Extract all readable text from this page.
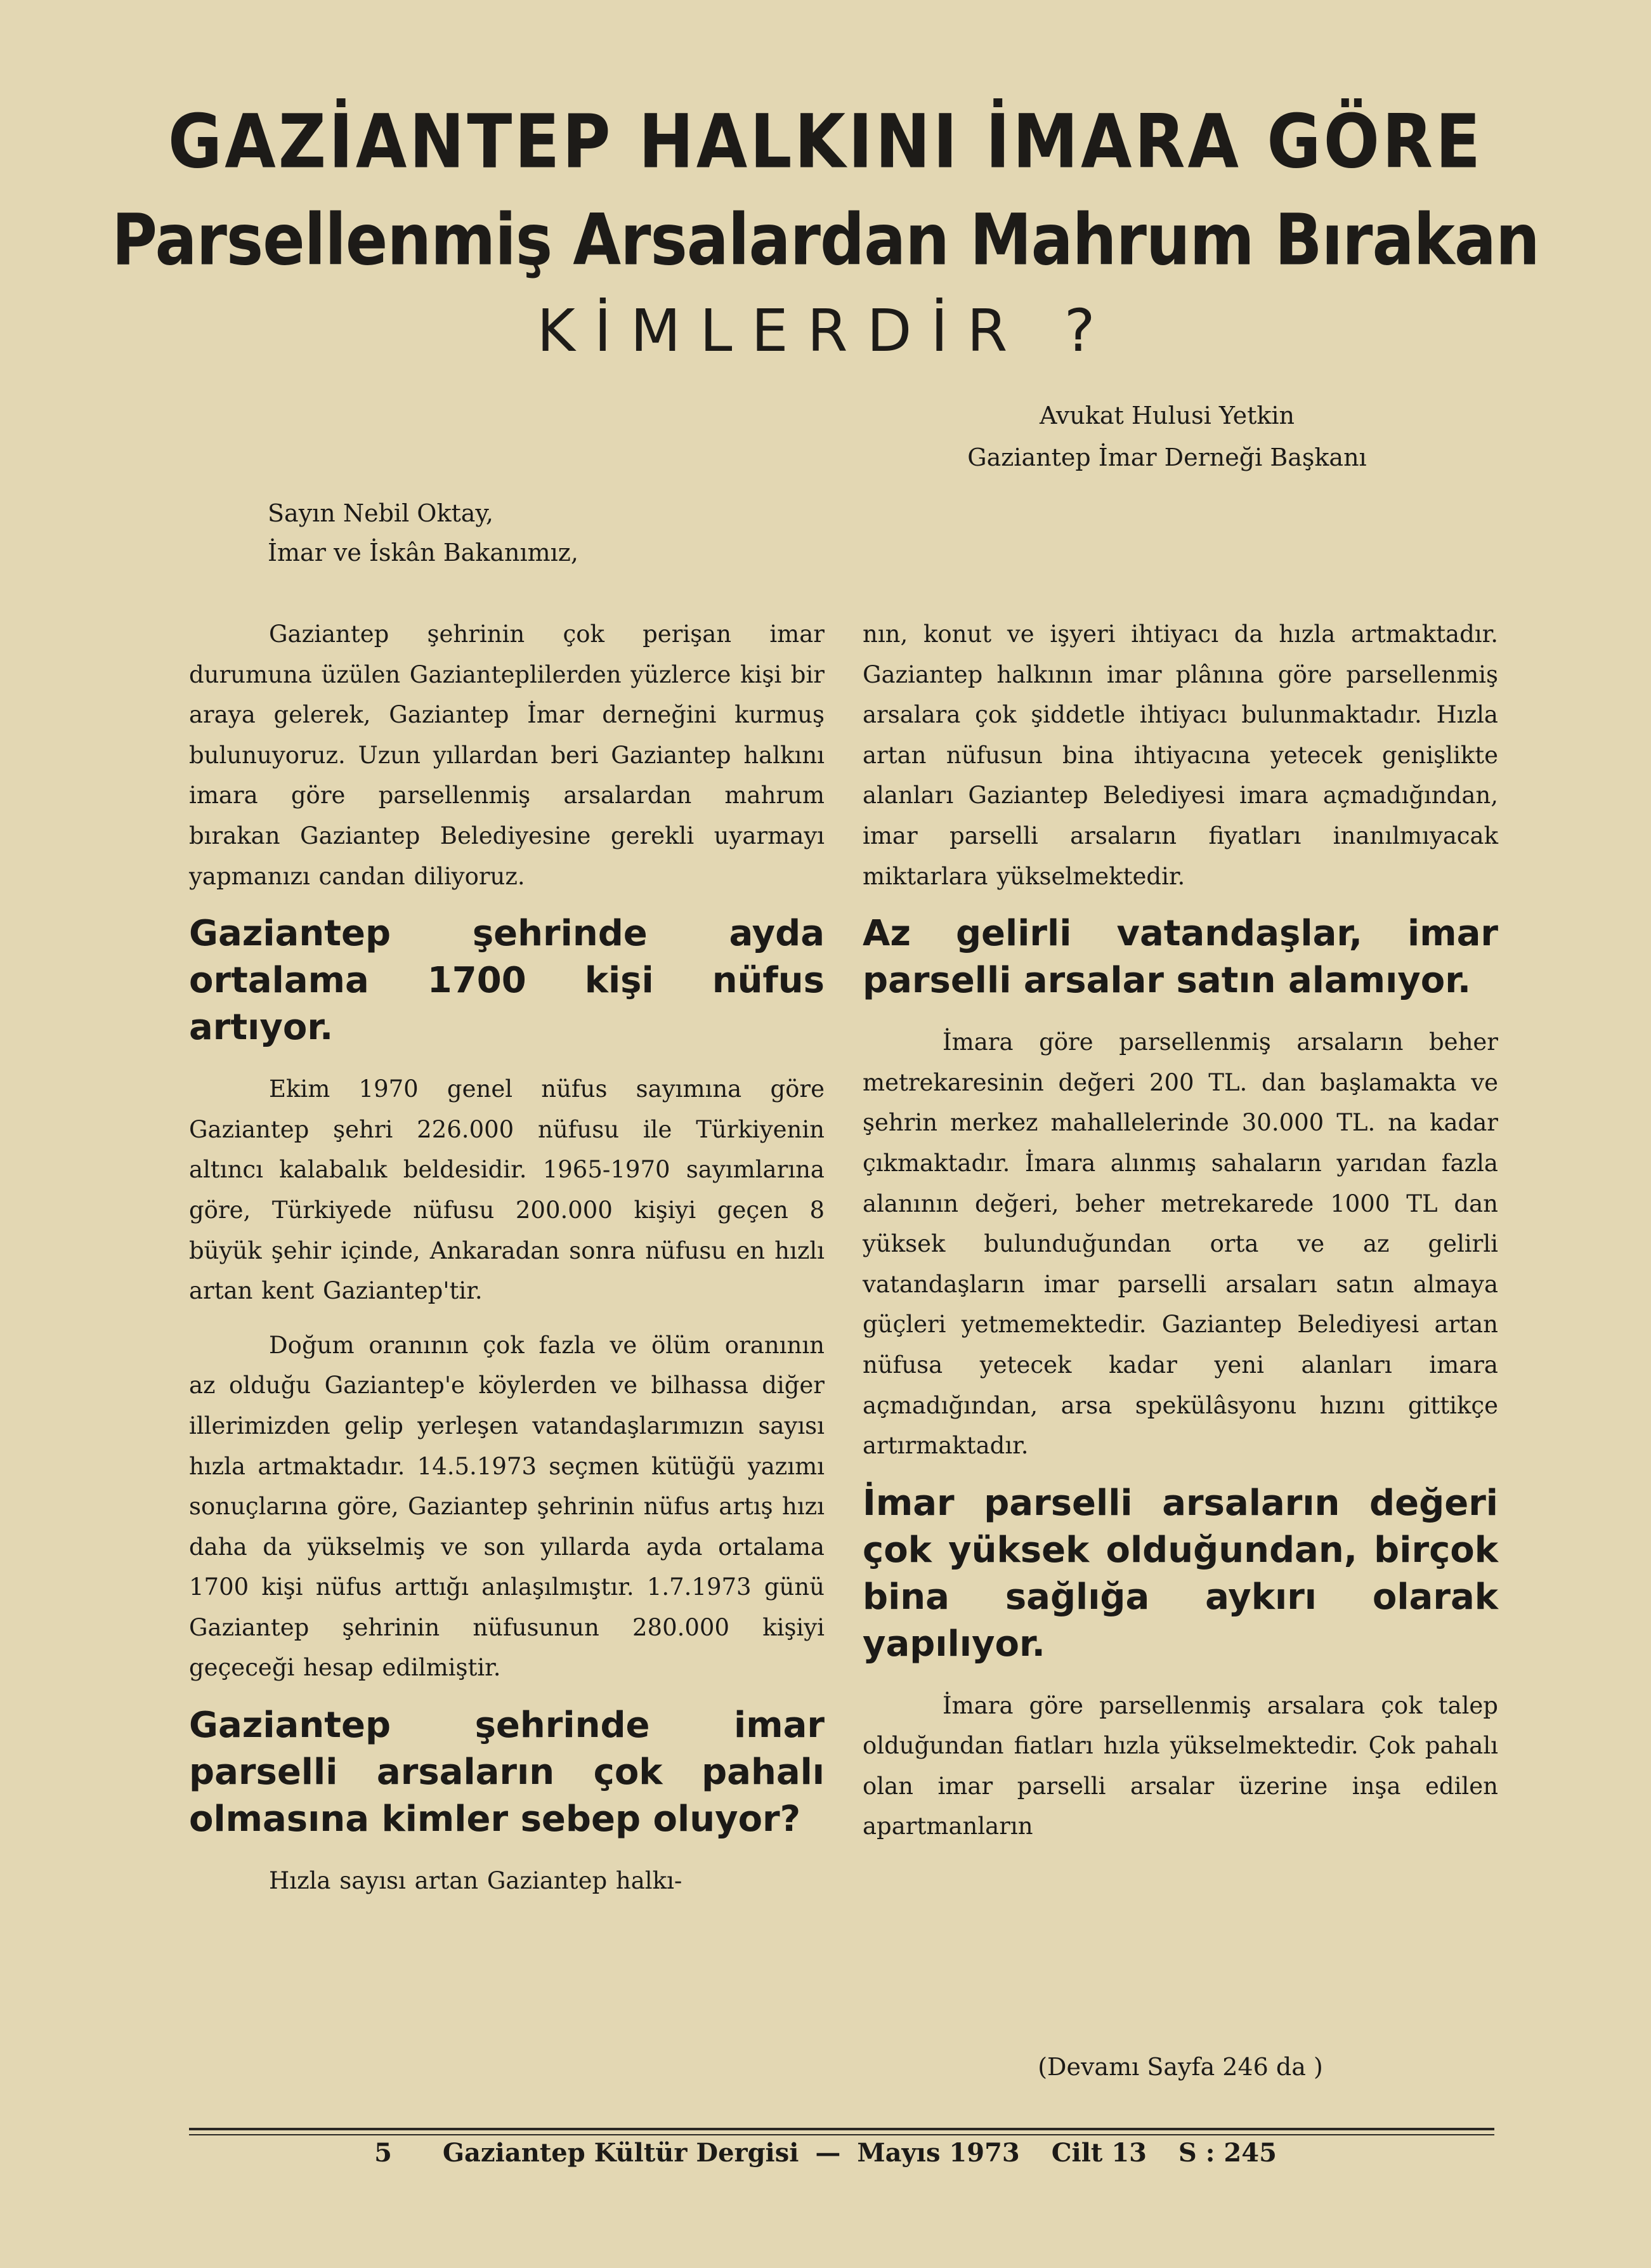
GAZİANTEP HALKINI İMARA GÖRE
Parsellenmiş Arsalardan Mahrum Bırakan
KİMLERDİR ?
Avukat Hulusi Yetkin
Gaziantep İmar Derneği Başkanı
Sayın Nebil Oktay,
İmar ve İskân Bakanımız,

Gaziantep şehrinin çok perişan imar durumuna üzülen Gazianteplilerden yüzlerce kişi bir araya gelerek, Gaziantep İmar derneğini kurmuş bulunuyoruz. Uzun yıllardan beri Gaziantep halkını imara göre parsellenmiş arsalardan mahrum bırakan Gaziantep Belediyesine gerekli uyarmayı yapmanızı candan diliyoruz.

Gaziantep şehrinde ayda ortalama 1700 kişi nüfus artıyor.

Ekim 1970 genel nüfus sayımına göre Gaziantep şehri 226.000 nüfusu ile Türkiyenin altıncı kalabalık beldesidir. 1965-1970 sayımlarına göre, Türkiyede nüfusu 200.000 kişiyi geçen 8 büyük şehir içinde, Ankaradan sonra nüfusu en hızlı artan kent Gaziantep'tir.

Doğum oranının çok fazla ve ölüm oranının az olduğu Gaziantep'e köylerden ve bilhassa diğer illerimizden gelip yerleşen vatandaşlarımızın sayısı hızla artmaktadır. 14.5.1973 seçmen kütüğü yazımı sonuçlarına göre, Gaziantep şehrinin nüfus artış hızı daha da yükselmiş ve son yıllarda ayda ortalama 1700 kişi nüfus arttığı anlaşılmıştır. 1.7.1973 günü Gaziantep şehrinin nüfusunun 280.000 kişiyi geçeceği hesap edilmiştir.

Gaziantep şehrinde imar parselli arsaların çok pahalı olmasına kimler sebep oluyor?

Hızla sayısı artan Gaziantep halkı-

nın, konut ve işyeri ihtiyacı da hızla artmaktadır. Gaziantep halkının imar plânına göre parsellenmiş arsalara çok şiddetle ihtiyacı bulunmaktadır. Hızla artan nüfusun bina ihtiyacına yetecek genişlikte alanları Gaziantep Belediyesi imara açmadığından, imar parselli arsaların fiyatları inanılmıyacak miktarlara yükselmektedir.

Az gelirli vatandaşlar, imar parselli arsalar satın alamıyor.

İmara göre parsellenmiş arsaların beher metrekaresinin değeri 200 TL. dan başlamakta ve şehrin merkez mahallelerinde 30.000 TL. na kadar çıkmaktadır. İmara alınmış sahaların yarıdan fazla alanının değeri, beher metrekarede 1000 TL dan yüksek bulunduğundan orta ve az gelirli vatandaşların imar parselli arsaları satın almaya güçleri yetmemektedir. Gaziantep Belediyesi artan nüfusa yetecek kadar yeni alanları imara açmadığından, arsa spekülâsyonu hızını gittikçe artırmaktadır.

İmar parselli arsaların değeri çok yüksek olduğundan, birçok bina sağlığa aykırı olarak yapılıyor.

İmara göre parsellenmiş arsalara çok talep olduğundan fiatları hızla yükselmektedir. Çok pahalı olan imar parselli arsalar üzerine inşa edilen apartmanların

(Devamı Sayfa 246 da )
5 Gaziantep Kültür Dergisi — Mayıs 1973 Cilt 13 S : 245
